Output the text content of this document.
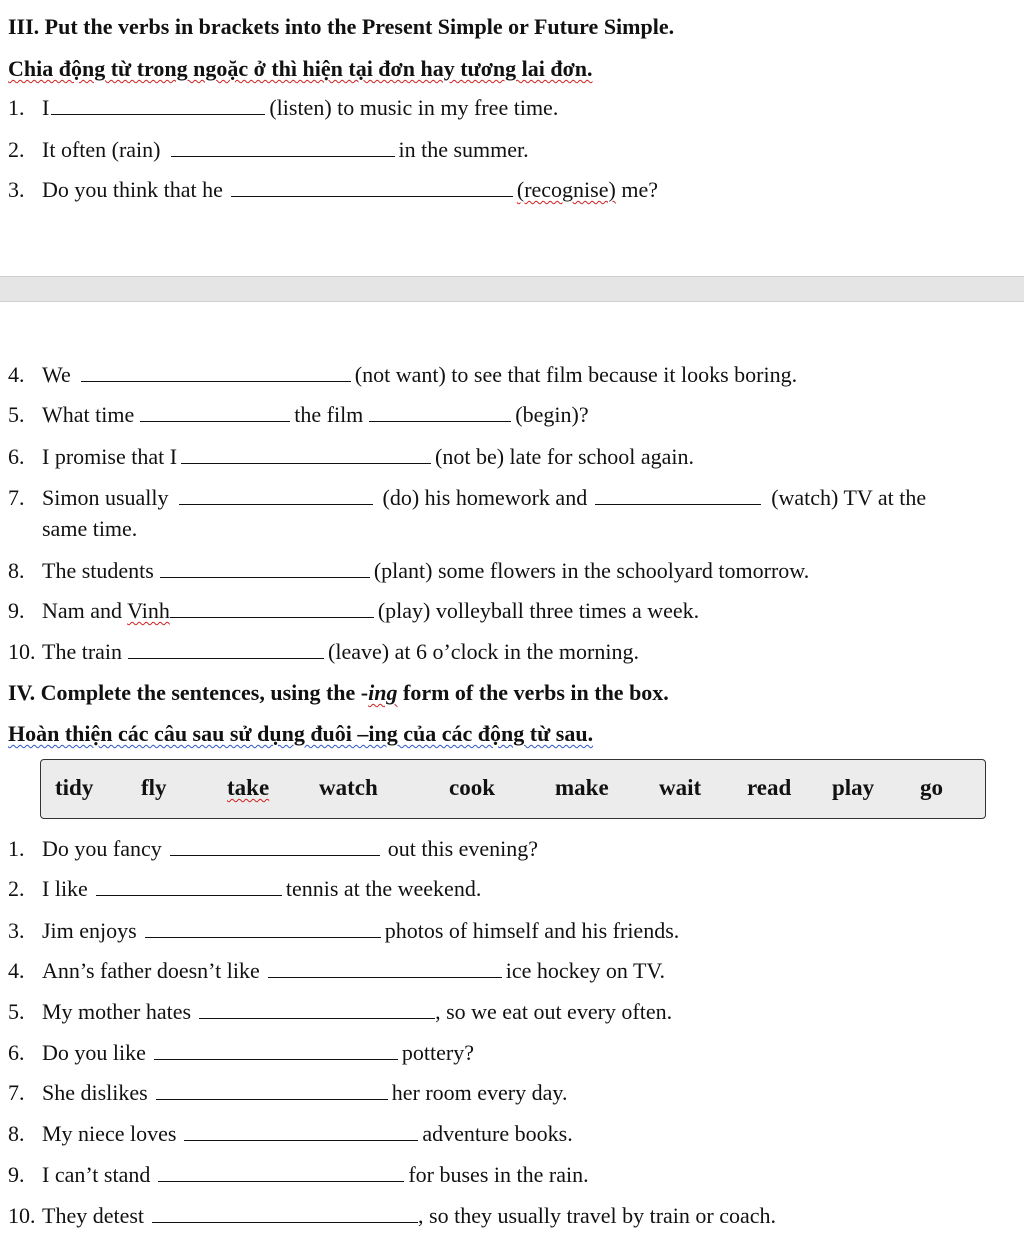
III. Put the verbs in brackets into the Present Simple or Future Simple.
Chia động từ trong ngoặc ở thì hiện tại đơn hay tương lai đơn.
1. I	(listen) to music in my free time.
2. It often (rain)	in the summer.
3. Do you think that he	(recognise) me?
4. We	(not want) to see that film because it looks boring.
5. What time	the film	(begin)?
6. I promise that I	(not be) late for school again.
7. Simon usually	(do) his homework and	(watch) TV at the
same time.
8. The students	(plant) some flowers in the schoolyard tomorrow.
9. Nam and Vinh	(play) volleyball three times a week.
10. The train	(leave) at 6 o’clock in the morning.
IV. Complete the sentences, using the -ing form of the verbs in the box.
Hoàn thiện các câu sau sử dụng đuôi –ing của các động từ sau.
tidy fly	take watch	cook	make wait read play go
1. Do you fancy	out this evening?
2. I like	tennis at the weekend.
3. Jim enjoys	photos of himself and his friends.
4. Ann’s father doesn’t like	ice hockey on TV.
5. My mother hates	, so we eat out every often.
6. Do you like	pottery?
7. She dislikes	her room every day.
8. My niece loves	adventure books.
9. I can’t stand	for buses in the rain.
10. They detest	, so they usually travel by train or coach.
